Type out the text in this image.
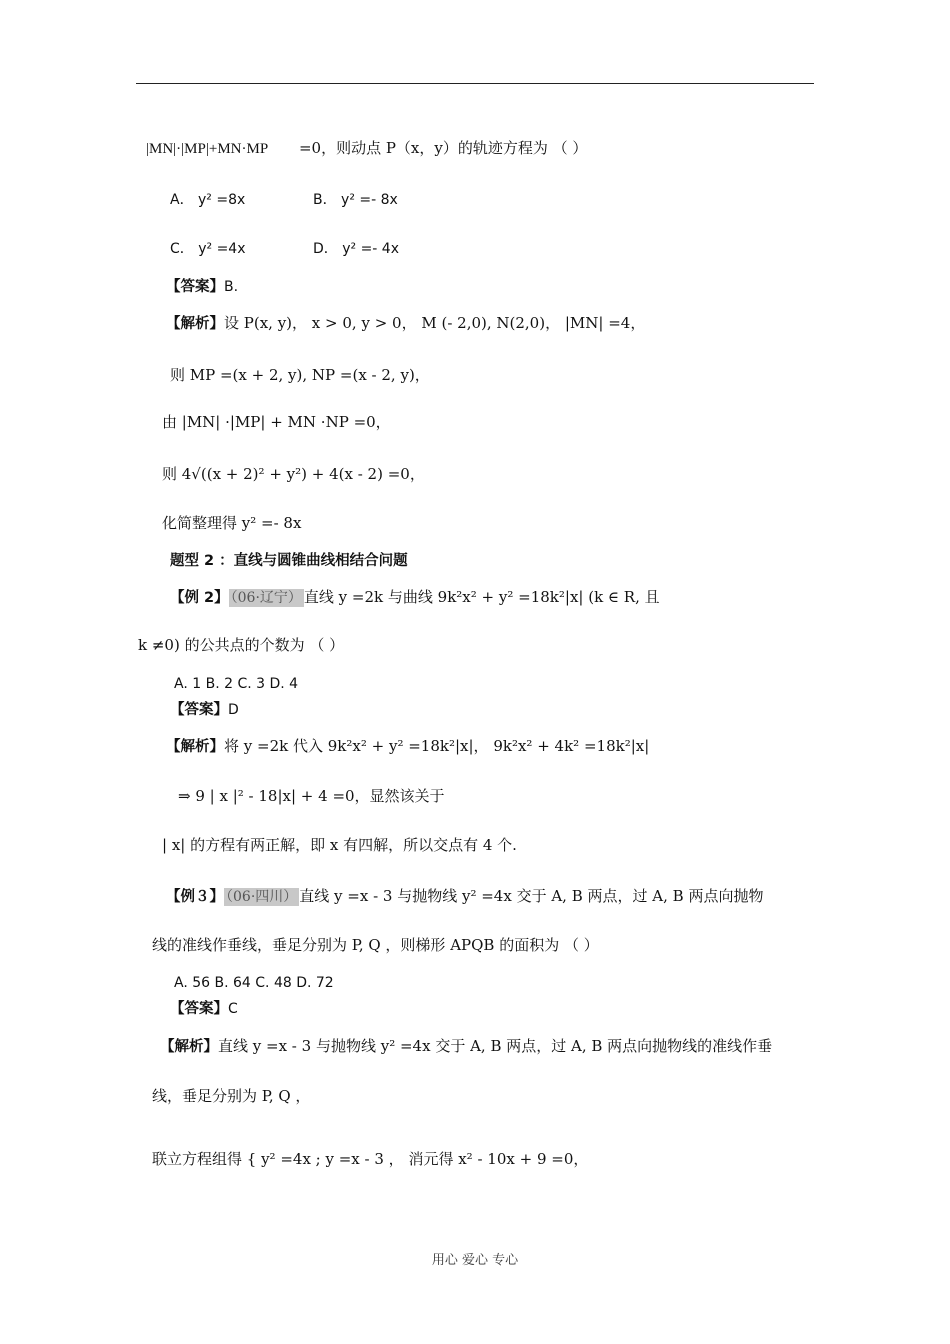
|MN|·|MP|+MN·MP =0，则动点 P（x，y）的轨迹方程为 （ ）
A． y² =8x	B． y² =- 8x
C． y² =4x	D． y² =- 4x
【答案】B.
【解析】设 P(x, y)， x > 0, y > 0， M (- 2,0), N(2,0)， |MN| =4，
则 MP =(x + 2, y), NP =(x - 2, y)，
由 |MN| ·|MP| + MN ·NP =0，
则 4√((x + 2)² + y²) + 4(x - 2) =0，
化简整理得 y² =- 8x
题型 2 ：直线与圆锥曲线相结合问题
【例 2】 （06·辽宁） 直线 y =2k 与曲线 9k²x² + y² =18k²|x| (k ∈ R, 且
k ≠0) 的公共点的个数为 （ ）
A. 1 B. 2 C. 3 D. 4
【答案】D
【解析】将 y =2k 代入 9k²x² + y² =18k²|x|， 9k²x² + 4k² =18k²|x|
⇒ 9 | x |² - 18|x| + 4 =0，显然该关于
| x| 的方程有两正解，即 x 有四解，所以交点有 4 个.
【例３】 （06·四川） 直线 y =x - 3 与抛物线 y² =4x 交于 A, B 两点，过 A, B 两点向抛物
线的准线作垂线，垂足分别为 P, Q ，则梯形 APQB 的面积为 （ ）
A. 56 B. 64 C. 48 D. 72
【答案】C
【解析】直线 y =x - 3 与抛物线 y² =4x 交于 A, B 两点，过 A, B 两点向抛物线的准线作垂
线，垂足分别为 P, Q ，
联立方程组得 { y² =4x ; y =x - 3 ， 消元得 x² - 10x + 9 =0，
用心 爱心 专心
